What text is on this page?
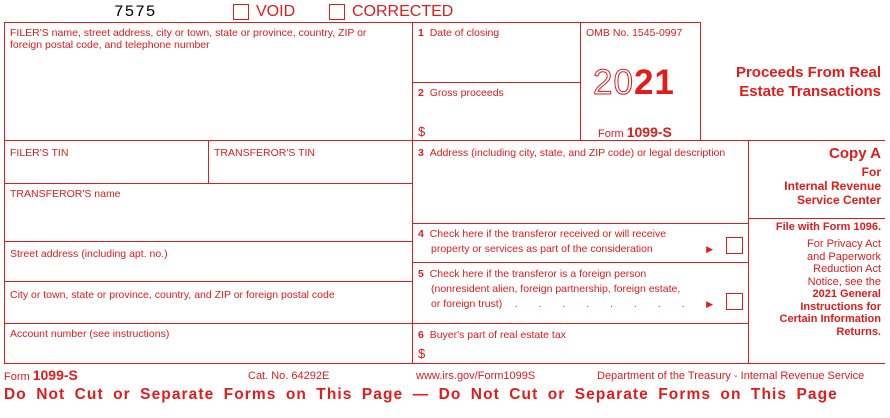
7575	VOID	CORRECTED
FILER'S name, street address, city or town, state or province, country, ZIP or foreign postal code, and telephone number
FILER'S TIN	TRANSFEROR'S TIN
TRANSFEROR'S name
Street address (including apt. no.)
City or town, state or province, country, and ZIP or foreign postal code
Account number (see instructions)
1 Date of closing	OMB No. 1545-0997
2021
2 Gross proceeds
$	Form 1099-S
Proceeds From Real
Estate Transactions
3 Address (including city, state, and ZIP code) or legal description
4 Check here if the transferor received or will receive
property or services as part of the consideration	▶
5 Check here if the transferor is a foreign person
(nonresident alien, foreign partnership, foreign estate,
or foreign trust) . . . . . . . . ▶
6 Buyer's part of real estate tax
$
Copy A
For
Internal Revenue
Service Center
File with Form 1096.
For Privacy Act
and Paperwork
Reduction Act
Notice, see the
2021 General
Instructions for
Certain Information
Returns.
Form 1099-S	Cat. No. 64292E	www.irs.gov/Form1099S	Department of the Treasury - Internal Revenue Service
Do Not Cut or Separate Forms on This Page — Do Not Cut or Separate Forms on This Page
